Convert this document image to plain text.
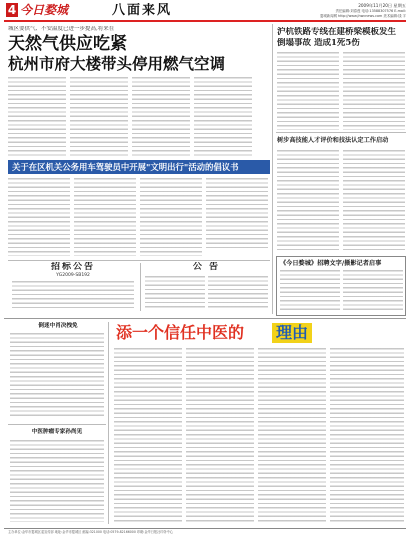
4 今日婺城	八面来风	2009年11月20日 星期五
责任编辑:刘春莲 电话:13588307576 E-mail:
婺城新闻网 http://www.jhwcnews.com 美术编辑:钱 宇
城区要供气、不安温度已进一步提高,将来在
天然气供应吃紧
杭州市府大楼带头停用燃气空调
沪杭铁路专线在建桥梁模板发生
倒塌事故 造成1死5伤
树步高技能人才评价和技法认定工作启动
关于在区机关公务用车驾驶员中开展"文明出行"活动的倡议书
《今日婺城》招聘文字/摄影记者启事
招标公告
YG2009-SB192
公 告
倒迷中肖决拽免
中医肿瘤专家孙尚见
添一个信任中医的 理由
主办单位:金华市婺城区委宣传部 地址:金华市婺城区 邮编:321000 电话:0579-82166000 印刷:金华日报社印务中心
